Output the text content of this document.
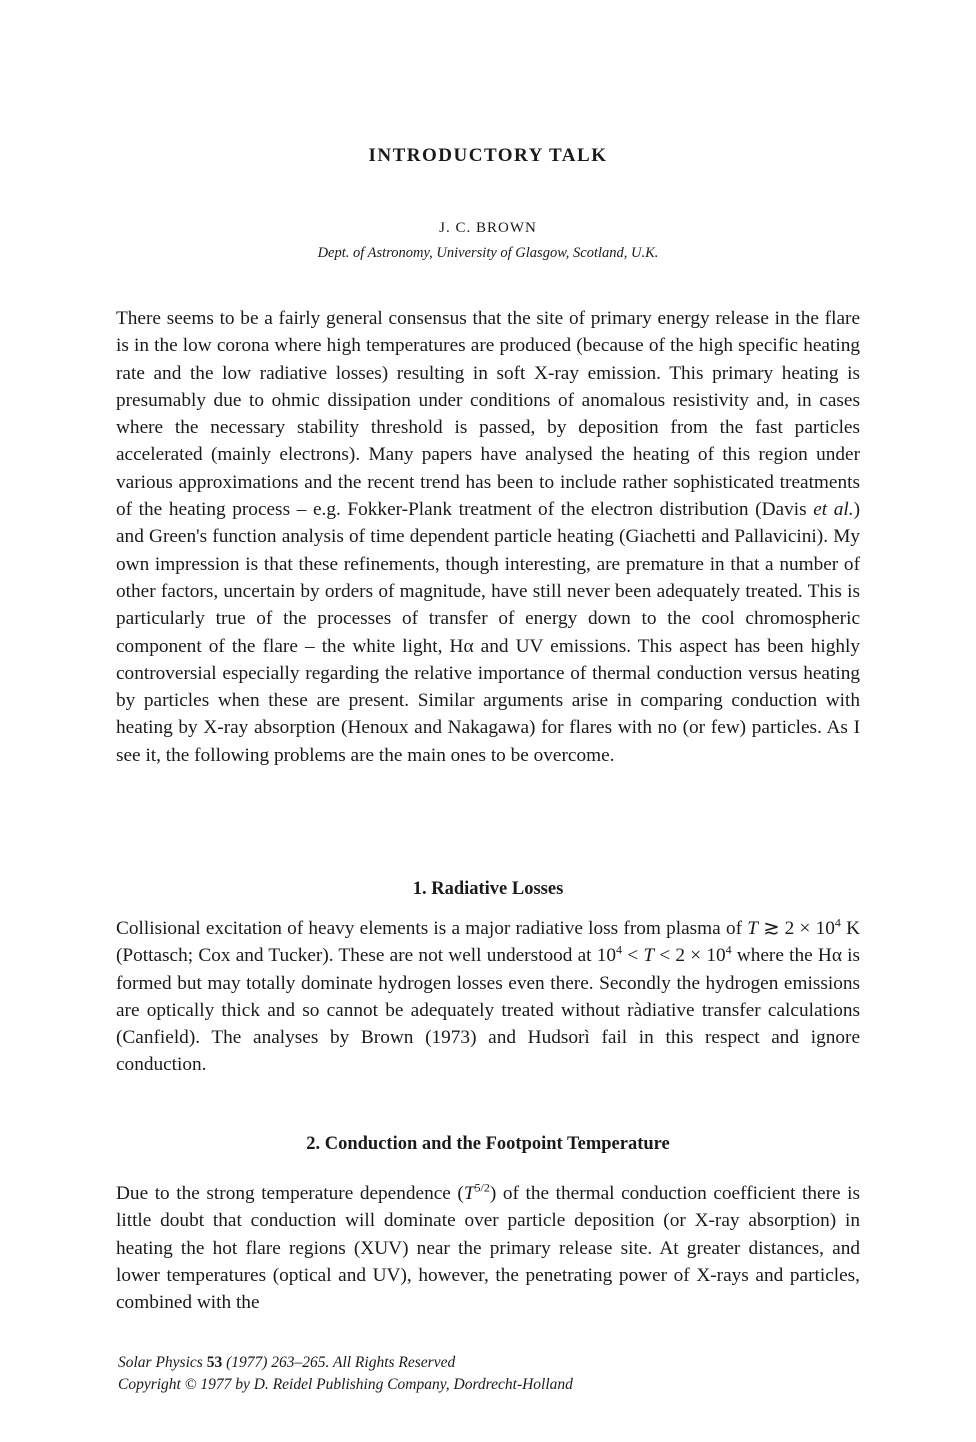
INTRODUCTORY TALK
J. C. BROWN
Dept. of Astronomy, University of Glasgow, Scotland, U.K.

There seems to be a fairly general consensus that the site of primary energy release in the flare is in the low corona where high temperatures are produced (because of the high specific heating rate and the low radiative losses) resulting in soft X-ray emission. This primary heating is presumably due to ohmic dissipation under conditions of anomalous resistivity and, in cases where the necessary stability threshold is passed, by deposition from the fast particles accelerated (mainly electrons). Many papers have analysed the heating of this region under various approximations and the recent trend has been to include rather sophisticated treatments of the heating process – e.g. Fokker-Plank treatment of the electron distribution (Davis et al.) and Green's function analysis of time dependent particle heating (Giachetti and Pallavicini). My own impression is that these refinements, though interesting, are premature in that a number of other factors, uncertain by orders of magnitude, have still never been adequately treated. This is particularly true of the processes of transfer of energy down to the cool chromospheric component of the flare – the white light, Hα and UV emissions. This aspect has been highly controversial especially regarding the relative importance of thermal conduction versus heating by particles when these are present. Similar arguments arise in comparing conduction with heating by X-ray absorption (Henoux and Nakagawa) for flares with no (or few) particles. As I see it, the following problems are the main ones to be overcome.

1. Radiative Losses

Collisional excitation of heavy elements is a major radiative loss from plasma of T ≳ $2 \times 10^4$ K (Pottasch; Cox and Tucker). These are not well understood at $10^4 < T < 2 \times 10^4$ where the Hα is formed but may totally dominate hydrogen losses even there. Secondly the hydrogen emissions are optically thick and so cannot be adequately treated without ràdiative transfer calculations (Canfield). The analyses by Brown (1973) and Hudsorì fail in this respect and ignore conduction.

2. Conduction and the Footpoint Temperature

Due to the strong temperature dependence $(T^{5/2})$ of the thermal conduction coefficient there is little doubt that conduction will dominate over particle deposition (or X-ray absorption) in heating the hot flare regions (XUV) near the primary release site. At greater distances, and lower temperatures (optical and UV), however, the penetrating power of X-rays and particles, combined with the

Solar Physics 53 (1977) 263–265. All Rights Reserved
Copyright © 1977 by D. Reidel Publishing Company, Dordrecht-Holland
